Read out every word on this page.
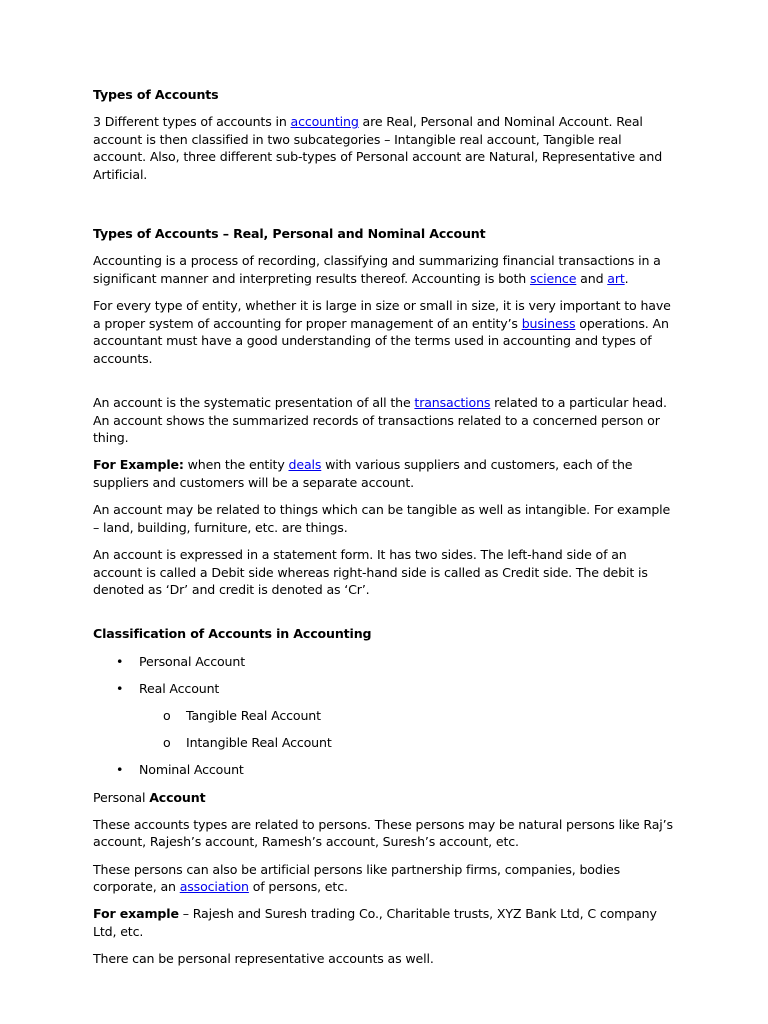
Types of Accounts

3 Different types of accounts in accounting are Real, Personal and Nominal Account. Real account is then classified in two subcategories – Intangible real account, Tangible real account. Also, three different sub-types of Personal account are Natural, Representative and Artificial.

Types of Accounts – Real, Personal and Nominal Account

Accounting is a process of recording, classifying and summarizing financial transactions in a significant manner and interpreting results thereof. Accounting is both science and art.

For every type of entity, whether it is large in size or small in size, it is very important to have a proper system of accounting for proper management of an entity’s business operations. An accountant must have a good understanding of the terms used in accounting and types of accounts.

An account is the systematic presentation of all the transactions related to a particular head. An account shows the summarized records of transactions related to a concerned person or thing.

For Example: when the entity deals with various suppliers and customers, each of the suppliers and customers will be a separate account.

An account may be related to things which can be tangible as well as intangible. For example – land, building, furniture, etc. are things.

An account is expressed in a statement form. It has two sides. The left-hand side of an account is called a Debit side whereas right-hand side is called as Credit side. The debit is denoted as ‘Dr’ and credit is denoted as ‘Cr’.

Classification of Accounts in Accounting

• Personal Account
• Real Account
o Tangible Real Account
o Intangible Real Account
• Nominal Account

Personal Account

These accounts types are related to persons. These persons may be natural persons like Raj’s account, Rajesh’s account, Ramesh’s account, Suresh’s account, etc.

These persons can also be artificial persons like partnership firms, companies, bodies corporate, an association of persons, etc.

For example – Rajesh and Suresh trading Co., Charitable trusts, XYZ Bank Ltd, C company Ltd, etc.

There can be personal representative accounts as well.
